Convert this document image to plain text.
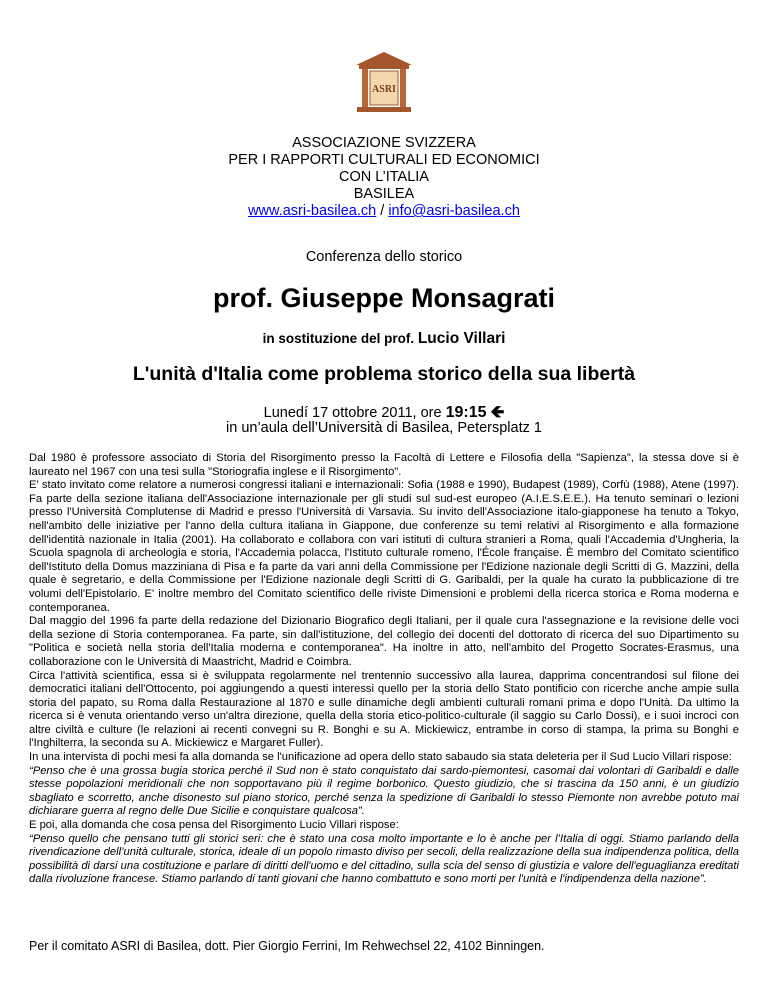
ASRI
ASSOCIAZIONE SVIZZERA
PER I RAPPORTI CULTURALI ED ECONOMICI
CON L’ITALIA
BASILEA
www.asri-basilea.ch / info@asri-basilea.ch
Conferenza dello storico
prof. Giuseppe Monsagrati
in sostituzione del prof. Lucio Villari
L'unità d'Italia come problema storico della sua libertà
Lunedí 17 ottobre 2011, ore 19:15 🡸
in un’aula dell’Università di Basilea, Petersplatz 1

Dal 1980 è professore associato di Storia del Risorgimento presso la Facoltà di Lettere e Filosofia della "Sapienza", la stessa dove si è laureato nel 1967 con una tesi sulla "Storiografia inglese e il Risorgimento".

E' stato invitato come relatore a numerosi congressi italiani e internazionali: Sofia (1988 e 1990), Budapest (1989), Corfù (1988), Atene (1997). Fa parte della sezione italiana dell'Associazione internazionale per gli studi sul sud-est europeo (A.I.E.S.E.E.). Ha tenuto seminari o lezioni presso l'Università Complutense di Madrid e presso l'Università di Varsavia. Su invito dell'Associazione italo-giapponese ha tenuto a Tokyo, nell'ambito delle iniziative per l'anno della cultura italiana in Giappone, due conferenze su temi relativi al Risorgimento e alla formazione dell'identità nazionale in Italia (2001). Ha collaborato e collabora con vari istituti di cultura stranieri a Roma, quali l'Accademia d'Ungheria, la Scuola spagnola di archeologia e storia, l'Accademia polacca, l'Istituto culturale romeno, l'École française. È membro del Comitato scientifico dell'Istituto della Domus mazziniana di Pisa e fa parte da vari anni della Commissione per l'Edizione nazionale degli Scritti di G. Mazzini, della quale è segretario, e della Commissione per l'Edizione nazionale degli Scritti di G. Garibaldi, per la quale ha curato la pubblicazione di tre volumi dell'Epistolario. E' inoltre membro del Comitato scientifico delle riviste Dimensioni e problemi della ricerca storica e Roma moderna e contemporanea.

Dal maggio del 1996 fa parte della redazione del Dizionario Biografico degli Italiani, per il quale cura l'assegnazione e la revisione delle voci della sezione di Storia contemporanea. Fa parte, sin dall'istituzione, del collegio dei docenti del dottorato di ricerca del suo Dipartimento su "Politica e società nella storia dell'Italia moderna e contemporanea". Ha inoltre in atto, nell'ambito del Progetto Socrates-Erasmus, una collaborazione con le Università di Maastricht, Madrid e Coimbra.

Circa l'attività scientifica, essa si è sviluppata regolarmente nel trentennio successivo alla laurea, dapprima concentrandosi sul filone dei democratici italiani dell'Ottocento, poi aggiungendo a questi interessi quello per la storia dello Stato pontificio con ricerche anche ampie sulla storia del papato, su Roma dalla Restaurazione al 1870 e sulle dinamiche degli ambienti culturali romani prima e dopo l'Unità. Da ultimo la ricerca si è venuta orientando verso un'altra direzione, quella della storia etico-politico-culturale (il saggio su Carlo Dossi), e i suoi incroci con altre civiltà e culture (le relazioni ai recenti convegni su R. Bonghi e su A. Mickiewicz, entrambe in corso di stampa, la prima su Bonghi e l'Inghilterra, la seconda su A. Mickiewicz e Margaret Fuller).

In una intervista di pochi mesi fa alla domanda se l'unificazione ad opera dello stato sabaudo sia stata deleteria per il Sud Lucio Villari rispose:

“Penso che è una grossa bugia storica perché il Sud non è stato conquistato dai sardo-piemontesi, casomai dai volontari di Garibaldi e dalle stesse popolazioni meridionali che non sopportavano più il regime borbonico. Questo giudizio, che si trascina da 150 anni, è un giudizio sbagliato e scorretto, anche disonesto sul piano storico, perché senza la spedizione di Garibaldi lo stesso Piemonte non avrebbe potuto mai dichiarare guerra al regno delle Due Sicilie e conquistare qualcosa”.

E poi, alla domanda che cosa pensa del Risorgimento Lucio Villari rispose:

“Penso quello che pensano tutti gli storici seri: che è stato una cosa molto importante e lo è anche per l’Italia di oggi. Stiamo parlando della rivendicazione dell’unità culturale, storica, ideale di un popolo rimasto diviso per secoli, della realizzazione della sua indipendenza politica, della possibilità di darsi una costituzione e parlare di diritti dell'uomo e del cittadino, sulla scia del senso di giustizia e valore dell'eguaglianza ereditati dalla rivoluzione francese. Stiamo parlando di tanti giovani che hanno combattuto e sono morti per l'unità e l'indipendenza della nazione”.

Per il comitato ASRI di Basilea, dott. Pier Giorgio Ferrini, Im Rehwechsel 22, 4102 Binningen.
